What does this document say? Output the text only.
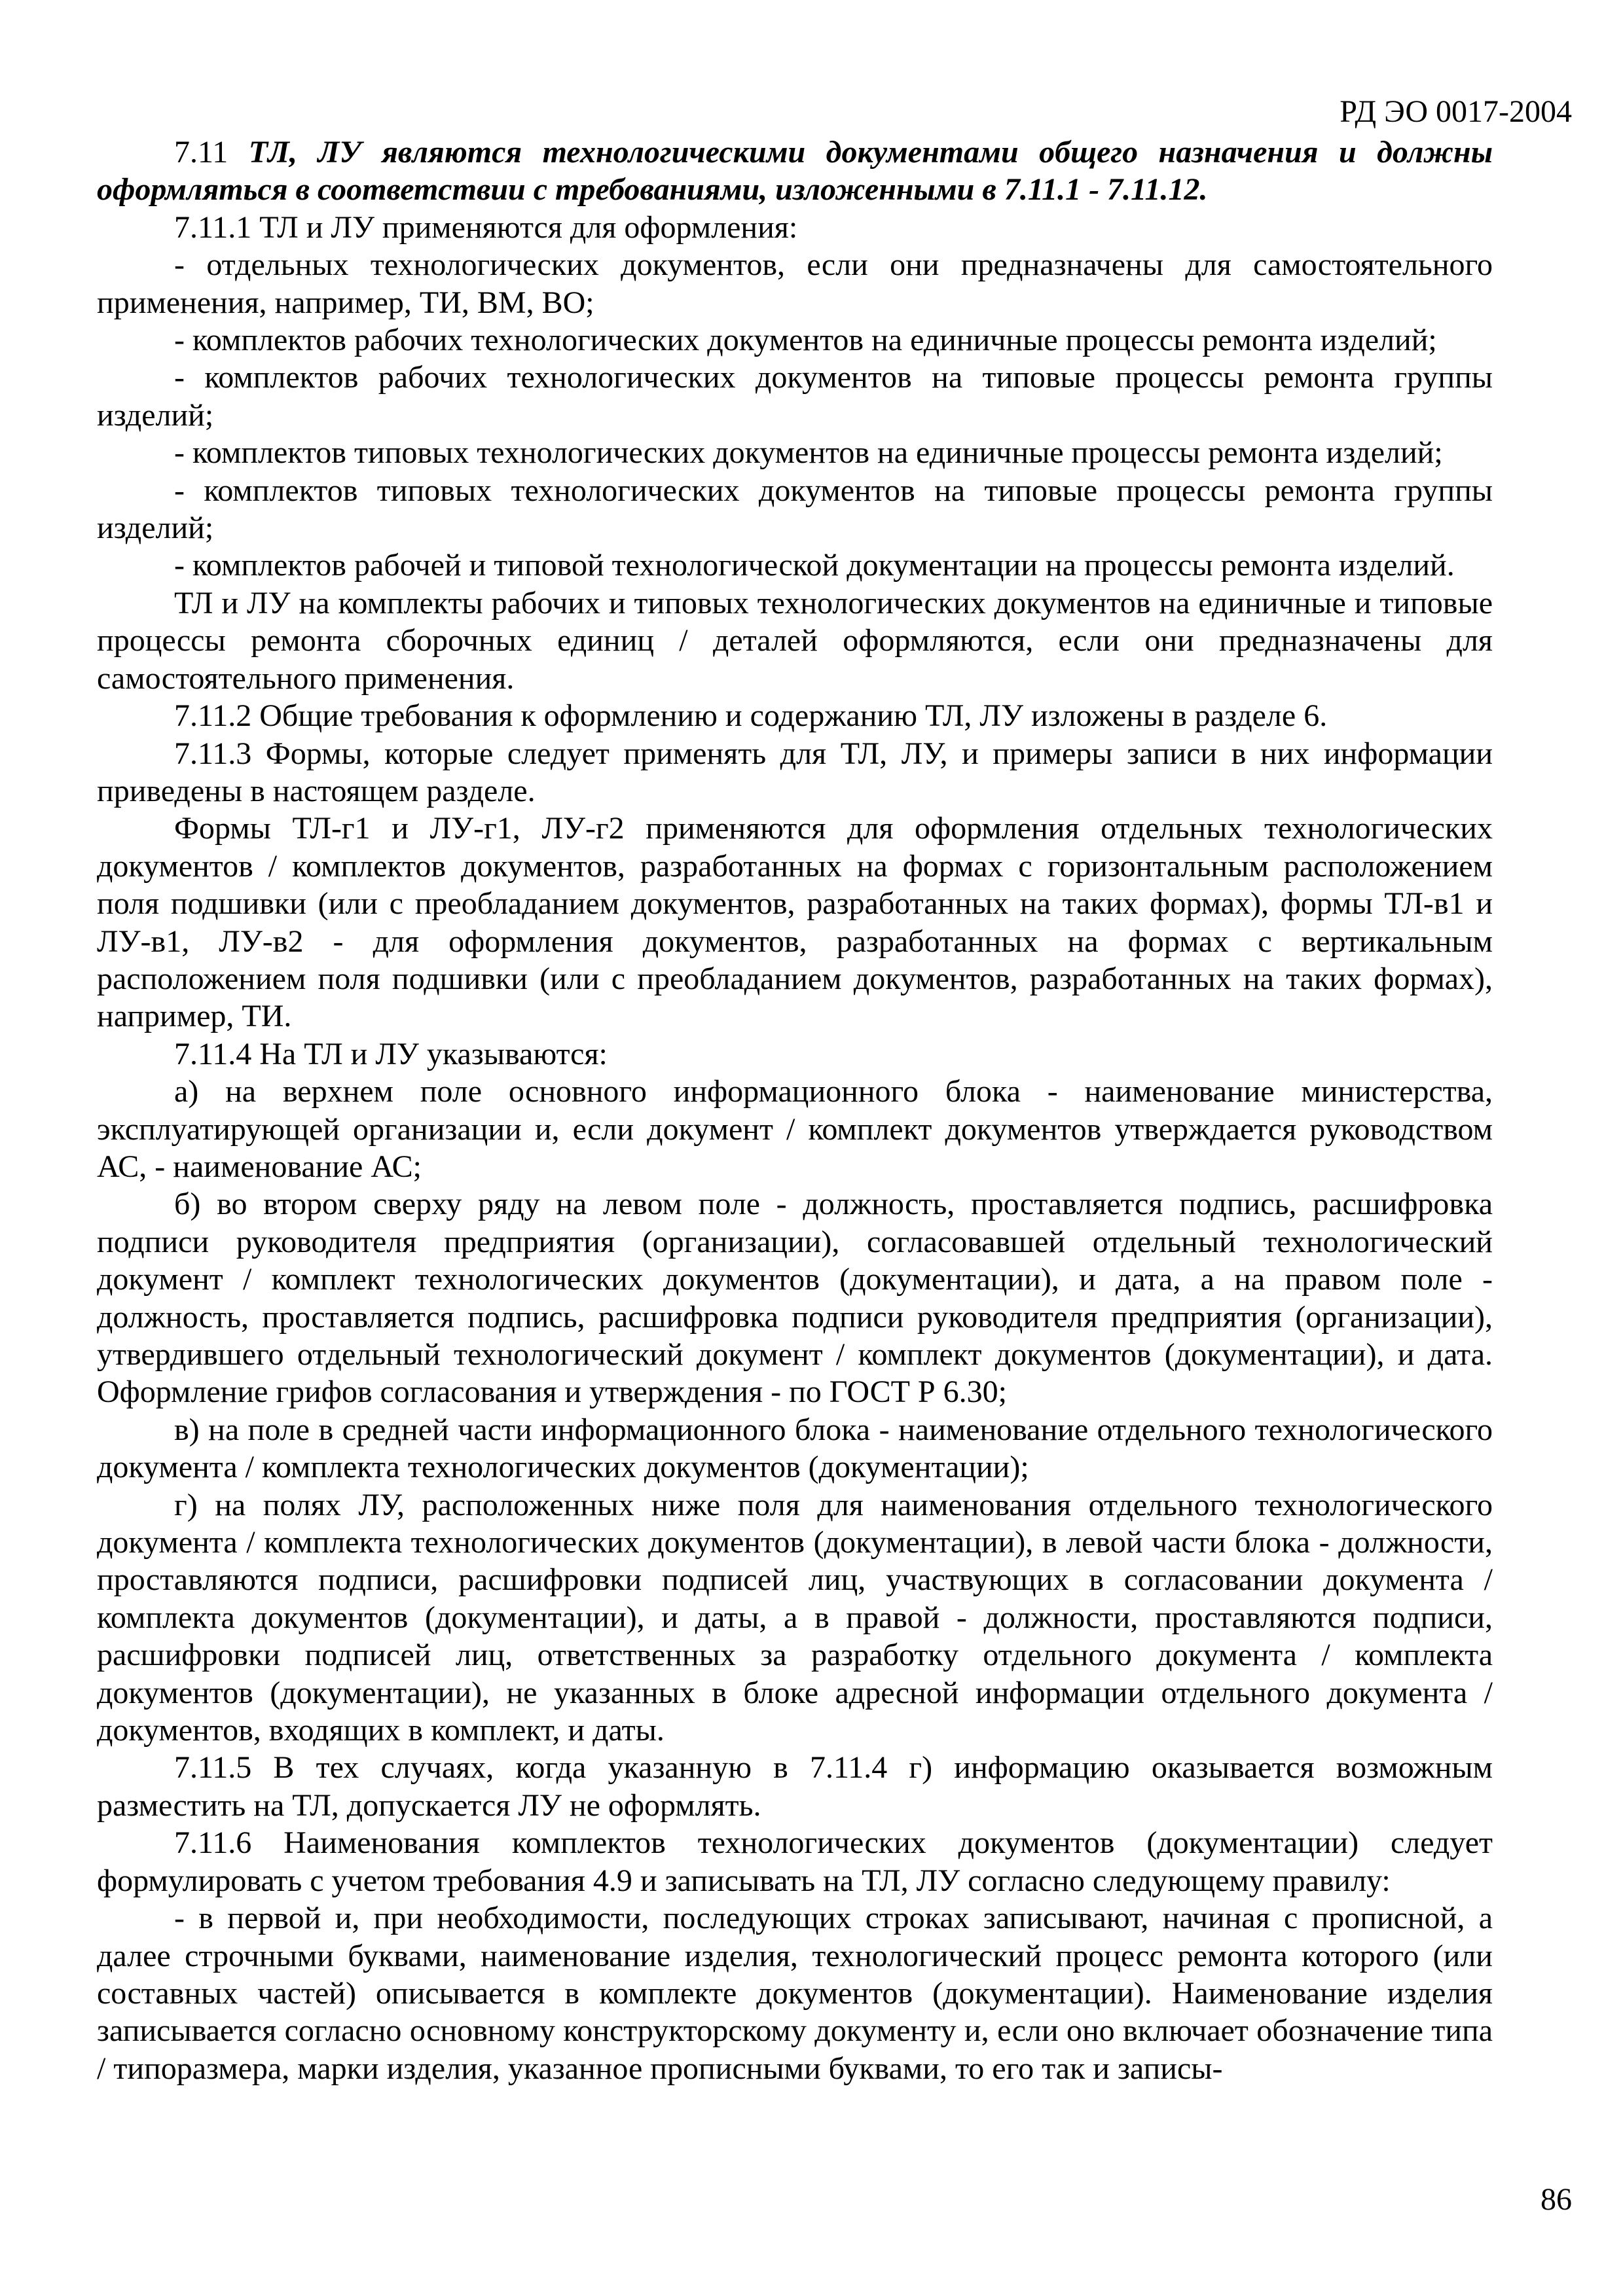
РД ЭО 0017-2004

7.11 ТЛ, ЛУ являются технологическими документами общего назначения и должны оформляться в соответствии с требованиями, изложенными в 7.11.1 - 7.11.12.

7.11.1 ТЛ и ЛУ применяются для оформления:

- отдельных технологических документов, если они предназначены для самостоятельного применения, например, ТИ, ВМ, ВО;

- комплектов рабочих технологических документов на единичные процессы ремонта изделий;

- комплектов рабочих технологических документов на типовые процессы ремонта группы изделий;

- комплектов типовых технологических документов на единичные процессы ремонта изделий;

- комплектов типовых технологических документов на типовые процессы ремонта группы изделий;

- комплектов рабочей и типовой технологической документации на процессы ремонта изделий.

ТЛ и ЛУ на комплекты рабочих и типовых технологических документов на единичные и типовые процессы ремонта сборочных единиц / деталей оформляются, если они предназначены для самостоятельного применения.

7.11.2 Общие требования к оформлению и содержанию ТЛ, ЛУ изложены в разделе 6.

7.11.3 Формы, которые следует применять для ТЛ, ЛУ, и примеры записи в них информации приведены в настоящем разделе.

Формы ТЛ-г1 и ЛУ-г1, ЛУ-г2 применяются для оформления отдельных технологических документов / комплектов документов, разработанных на формах с горизонтальным расположением поля подшивки (или с преобладанием документов, разработанных на таких формах), формы ТЛ-в1 и ЛУ-в1, ЛУ-в2 - для оформления документов, разработанных на формах с вертикальным расположением поля подшивки (или с преобладанием документов, разработанных на таких формах), например, ТИ.

7.11.4 На ТЛ и ЛУ указываются:

а) на верхнем поле основного информационного блока - наименование министерства, эксплуатирующей организации и, если документ / комплект документов утверждается руководством АС, - наименование АС;

б) во втором сверху ряду на левом поле - должность, проставляется подпись, расшифровка подписи руководителя предприятия (организации), согласовавшей отдельный технологический документ / комплект технологических документов (документации), и дата, а на правом поле - должность, проставляется подпись, расшифровка подписи руководителя предприятия (организации), утвердившего отдельный технологический документ / комплект документов (документации), и дата. Оформление грифов согласования и утверждения - по ГОСТ Р 6.30;

в) на поле в средней части информационного блока - наименование отдельного технологического документа / комплекта технологических документов (документации);

г) на полях ЛУ, расположенных ниже поля для наименования отдельного технологического документа / комплекта технологических документов (документации), в левой части блока - должности, проставляются подписи, расшифровки подписей лиц, участвующих в согласовании документа / комплекта документов (документации), и даты, а в правой - должности, проставляются подписи, расшифровки подписей лиц, ответственных за разработку отдельного документа / комплекта документов (документации), не указанных в блоке адресной информации отдельного документа / документов, входящих в комплект, и даты.

7.11.5 В тех случаях, когда указанную в 7.11.4 г) информацию оказывается возможным разместить на ТЛ, допускается ЛУ не оформлять.

7.11.6 Наименования комплектов технологических документов (документации) следует формулировать с учетом требования 4.9 и записывать на ТЛ, ЛУ согласно следующему правилу:

- в первой и, при необходимости, последующих строках записывают, начиная с прописной, а далее строчными буквами, наименование изделия, технологический процесс ремонта которого (или составных частей) описывается в комплекте документов (документации). Наименование изделия записывается согласно основному конструкторскому документу и, если оно включает обозначение типа / типоразмера, марки изделия, указанное прописными буквами, то его так и записы-

86
